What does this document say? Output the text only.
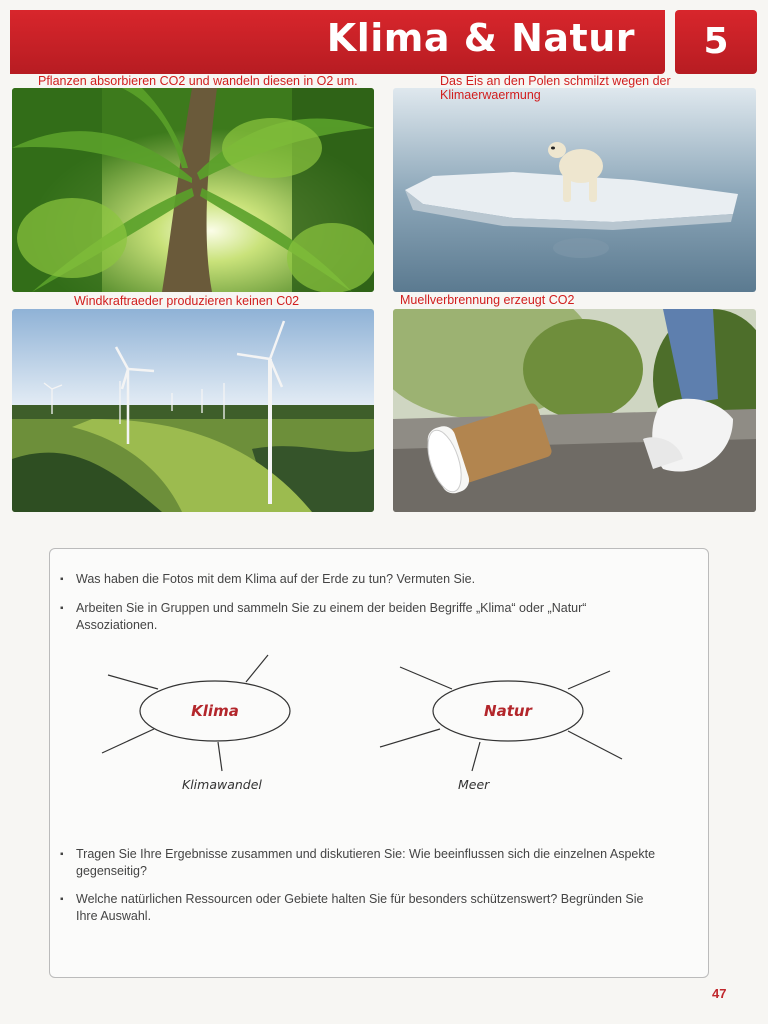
Klima & Natur	5
Pflanzen absorbieren CO2 und wandeln diesen in O2 um.	Das Eis an den Polen schmilzt wegen der Klimaerwaermung
Windkraftraeder produzieren keinen C02	Muellverbrennung erzeugt CO2
▪ Was haben die Fotos mit dem Klima auf der Erde zu tun? Vermuten Sie.
▪ Arbeiten Sie in Gruppen und sammeln Sie zu einem der beiden Begriffe „Klima“ oder „Natur“ Assoziationen.
▪ Tragen Sie Ihre Ergebnisse zusammen und diskutieren Sie: Wie beeinflussen sich die einzelnen Aspekte gegenseitig?
▪ Welche natürlichen Ressourcen oder Gebiete halten Sie für besonders schützenswert? Begründen Sie Ihre Auswahl.
Klima	Natur
Klimawandel	Meer
47
